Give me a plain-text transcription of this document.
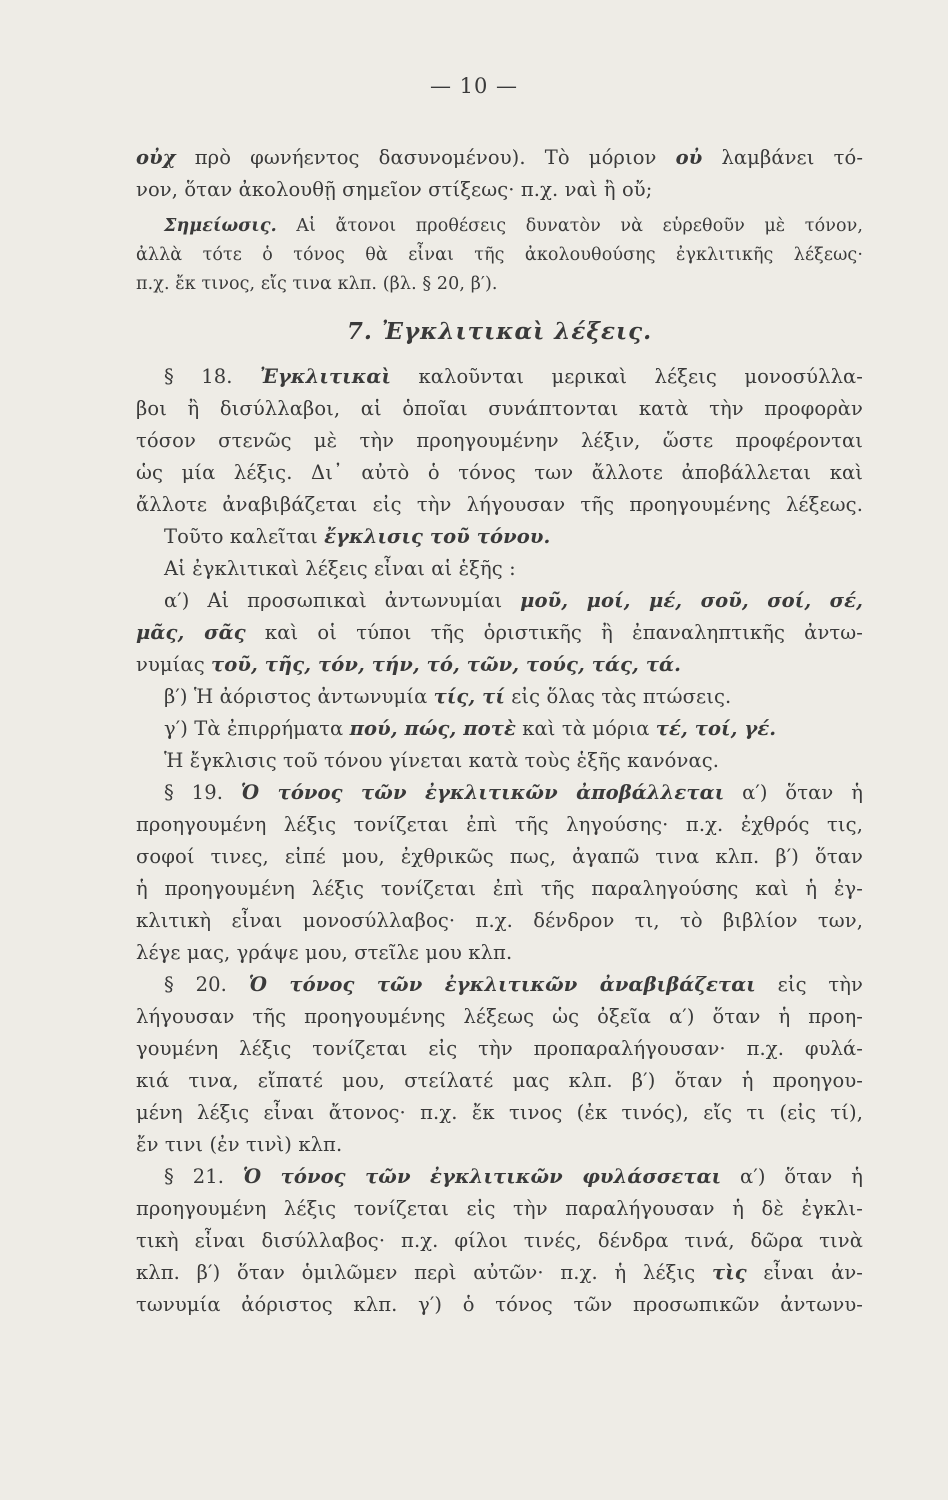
— 10 —
οὐχ πρὸ φωνήεντος δασυνομένου). Τὸ μόριον οὐ λαμβάνει τό-
νον, ὅταν ἀκολουθῇ σημεῖον στίξεως· π.χ. ναὶ ἢ οὔ;
Σημείωσις. Αἱ ἄτονοι προθέσεις δυνατὸν νὰ εὑρεθοῦν μὲ τόνον,
ἀλλὰ τότε ὁ τόνος θὰ εἶναι τῆς ἀκολουθούσης ἐγκλιτικῆς λέξεως·
π.χ. ἔκ τινος, εἴς τινα κλπ. (βλ. § 20, β′).
7. Ἐγκλιτικαὶ λέξεις.
§ 18. Ἐγκλιτικαὶ καλοῦνται μερικαὶ λέξεις μονοσύλλα-
βοι ἢ δισύλλαβοι, αἱ ὁποῖαι συνάπτονται κατὰ τὴν προφορὰν
τόσον στενῶς μὲ τὴν προηγουμένην λέξιν, ὥστε προφέρονται
ὡς μία λέξις. Δι᾽ αὐτὸ ὁ τόνος των ἄλλοτε ἀποβάλλεται καὶ
ἄλλοτε ἀναβιβάζεται εἰς τὴν λήγουσαν τῆς προηγουμένης λέξεως.
Τοῦτο καλεῖται ἔγκλισις τοῦ τόνου.
Αἱ ἐγκλιτικαὶ λέξεις εἶναι αἱ ἑξῆς :
α′) Αἱ προσωπικαὶ ἀντωνυμίαι μοῦ, μοί, μέ, σοῦ, σοί, σέ,
μᾶς, σᾶς καὶ οἱ τύποι τῆς ὁριστικῆς ἢ ἐπαναληπτικῆς ἀντω-
νυμίας τοῦ, τῆς, τόν, τήν, τό, τῶν, τούς, τάς, τά.
β′) Ἡ ἀόριστος ἀντωνυμία τίς, τί εἰς ὅλας τὰς πτώσεις.
γ′) Τὰ ἐπιρρήματα πού, πώς, ποτὲ καὶ τὰ μόρια τέ, τοί, γέ.
Ἡ ἔγκλισις τοῦ τόνου γίνεται κατὰ τοὺς ἑξῆς κανόνας.
§ 19. Ὁ τόνος τῶν ἐγκλιτικῶν ἀποβάλλεται α′) ὅταν ἡ
προηγουμένη λέξις τονίζεται ἐπὶ τῆς ληγούσης· π.χ. ἐχθρός τις,
σοφοί τινες, εἰπέ μου, ἐχθρικῶς πως, ἀγαπῶ τινα κλπ. β′) ὅταν
ἡ προηγουμένη λέξις τονίζεται ἐπὶ τῆς παραληγούσης καὶ ἡ ἐγ-
κλιτικὴ εἶναι μονοσύλλαβος· π.χ. δένδρον τι, τὸ βιβλίον των,
λέγε μας, γράψε μου, στεῖλε μου κλπ.
§ 20. Ὁ τόνος τῶν ἐγκλιτικῶν ἀναβιβάζεται εἰς τὴν
λήγουσαν τῆς προηγουμένης λέξεως ὡς ὀξεῖα α′) ὅταν ἡ προη-
γουμένη λέξις τονίζεται εἰς τὴν προπαραλήγουσαν· π.χ. φυλά-
κιά τινα, εἴπατέ μου, στείλατέ μας κλπ. β′) ὅταν ἡ προηγου-
μένη λέξις εἶναι ἄτονος· π.χ. ἔκ τινος (ἐκ τινός), εἴς τι (εἰς τί),
ἔν τινι (ἐν τινὶ) κλπ.
§ 21. Ὁ τόνος τῶν ἐγκλιτικῶν φυλάσσεται α′) ὅταν ἡ
προηγουμένη λέξις τονίζεται εἰς τὴν παραλήγουσαν ἡ δὲ ἐγκλι-
τικὴ εἶναι δισύλλαβος· π.χ. φίλοι τινές, δένδρα τινά, δῶρα τινὰ
κλπ. β′) ὅταν ὁμιλῶμεν περὶ αὐτῶν· π.χ. ἡ λέξις τὶς εἶναι ἀν-
τωνυμία ἀόριστος κλπ. γ′) ὁ τόνος τῶν προσωπικῶν ἀντωνυ-
